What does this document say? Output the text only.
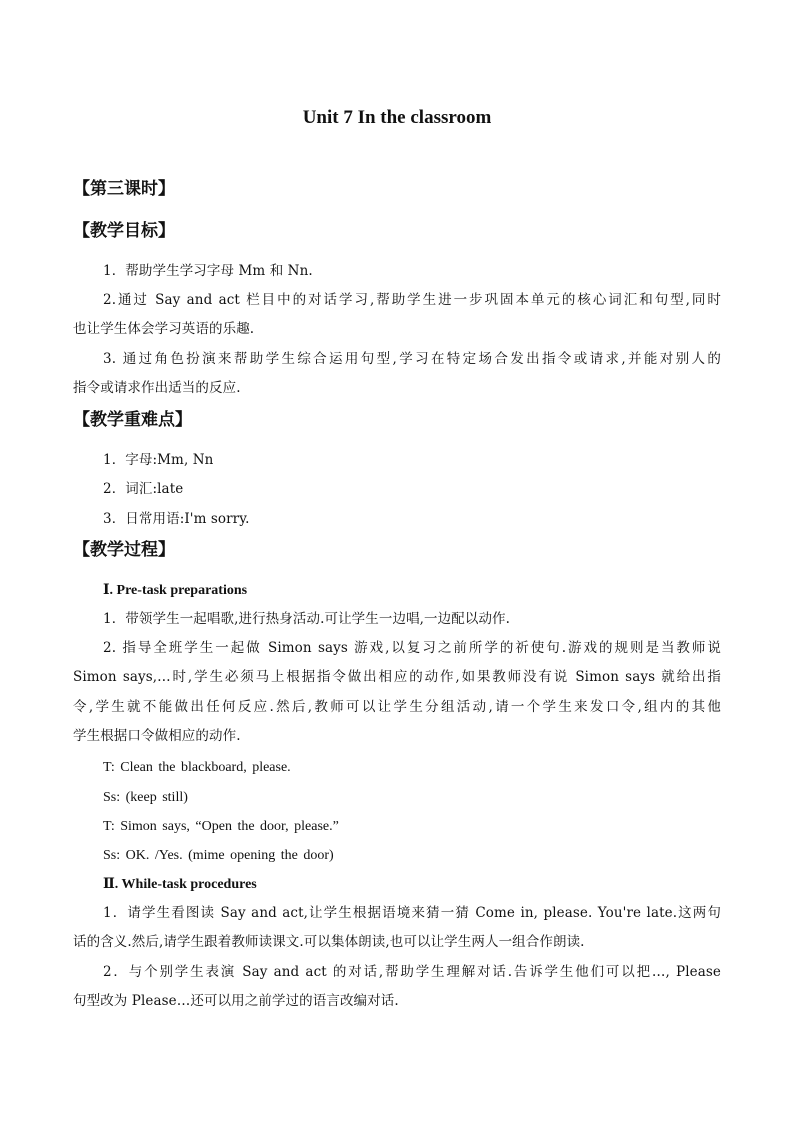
Unit 7 In the classroom
【第三课时】
【教学目标】
1．帮助学生学习字母 Mm 和 Nn.
2.通过 Say and act 栏目中的对话学习,帮助学生进一步巩固本单元的核心词汇和句型,同时
也让学生体会学习英语的乐趣.
3. 通过角色扮演来帮助学生综合运用句型,学习在特定场合发出指令或请求,并能对别人的
指令或请求作出适当的反应.
【教学重难点】
1．字母:Mm, Nn
2．词汇:late
3．日常用语:I'm sorry.
【教学过程】
Ⅰ. Pre-task preparations
1．带领学生一起唱歌,进行热身活动.可让学生一边唱,一边配以动作.
2. 指导全班学生一起做 Simon says 游戏,以复习之前所学的祈使句.游戏的规则是当教师说
Simon says,…时,学生必须马上根据指令做出相应的动作,如果教师没有说 Simon says 就给出指
令,学生就不能做出任何反应.然后,教师可以让学生分组活动,请一个学生来发口令,组内的其他
学生根据口令做相应的动作.
T: Clean the blackboard, please.
Ss: (keep still)
T: Simon says, “Open the door, please.”
Ss: OK. /Yes. (mime opening the door)
Ⅱ. While-task procedures
1．请学生看图读 Say and act,让学生根据语境来猜一猜 Come in, please. You're late.这两句
话的含义.然后,请学生跟着教师读课文.可以集体朗读,也可以让学生两人一组合作朗读.
2．与个别学生表演 Say and act 的对话,帮助学生理解对话.告诉学生他们可以把…, Please
句型改为 Please…还可以用之前学过的语言改编对话.
